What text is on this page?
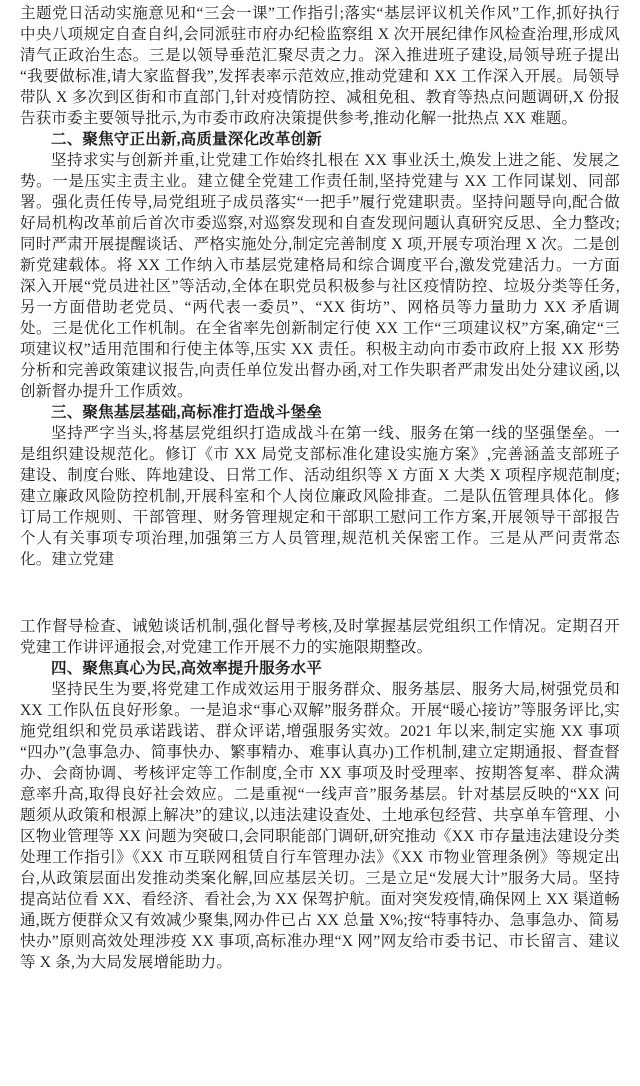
主题党日活动实施意见和“三会一课”工作指引;落实“基层评议机关作风”工作,抓好执行中央八项规定自查自纠,会同派驻市府办纪检监察组 X 次开展纪律作风检查治理,形成风清气正政治生态。三是以领导垂范汇聚尽责之力。深入推进班子建设,局领导班子提出“我要做标准,请大家监督我”,发挥表率示范效应,推动党建和 XX 工作深入开展。局领导带队 X 多次到区街和市直部门,针对疫情防控、减租免租、教育等热点问题调研,X 份报告获市委主要领导批示,为市委市政府决策提供参考,推动化解一批热点 XX 难题。

二、聚焦守正出新,高质量深化改革创新

坚持求实与创新并重,让党建工作始终扎根在 XX 事业沃土,焕发上进之能、发展之势。一是压实主责主业。建立健全党建工作责任制,坚持党建与 XX 工作同谋划、同部署。强化责任传导,局党组班子成员落实“一把手”履行党建职责。坚持问题导向,配合做好局机构改革前后首次市委巡察,对巡察发现和自查发现问题认真研究反思、全力整改;同时严肃开展提醒谈话、严格实施处分,制定完善制度 X 项,开展专项治理 X 次。二是创新党建载体。将 XX 工作纳入市基层党建格局和综合调度平台,激发党建活力。一方面深入开展“党员进社区”等活动,全体在职党员积极参与社区疫情防控、垃圾分类等任务,另一方面借助老党员、“两代表一委员”、“XX 街坊”、网格员等力量助力 XX 矛盾调处。三是优化工作机制。在全省率先创新制定行使 XX 工作“三项建议权”方案,确定“三项建议权”适用范围和行使主体等,压实 XX 责任。积极主动向市委市政府上报 XX 形势分析和完善政策建议报告,向责任单位发出督办函,对工作失职者严肃发出处分建议函,以创新督办提升工作质效。

三、聚焦基层基础,高标准打造战斗堡垒

坚持严字当头,将基层党组织打造成战斗在第一线、服务在第一线的坚强堡垒。一是组织建设规范化。修订《市 XX 局党支部标准化建设实施方案》,完善涵盖支部班子建设、制度台账、阵地建设、日常工作、活动组织等 X 方面 X 大类 X 项程序规范制度;建立廉政风险防控机制,开展科室和个人岗位廉政风险排查。二是队伍管理具体化。修订局工作规则、干部管理、财务管理规定和干部职工慰问工作方案,开展领导干部报告个人有关事项专项治理,加强第三方人员管理,规范机关保密工作。三是从严问责常态化。建立党建

工作督导检查、诫勉谈话机制,强化督导考核,及时掌握基层党组织工作情况。定期召开党建工作讲评通报会,对党建工作开展不力的实施限期整改。

四、聚焦真心为民,高效率提升服务水平

坚持民生为要,将党建工作成效运用于服务群众、服务基层、服务大局,树强党员和 XX 工作队伍良好形象。一是追求“事心双解”服务群众。开展“暖心接访”等服务评比,实施党组织和党员承诺践诺、群众评诺,增强服务实效。2021 年以来,制定实施 XX 事项“四办”(急事急办、简事快办、繁事精办、难事认真办)工作机制,建立定期通报、督查督办、会商协调、考核评定等工作制度,全市 XX 事项及时受理率、按期答复率、群众满意率升高,取得良好社会效应。二是重视“一线声音”服务基层。针对基层反映的“XX 问题须从政策和根源上解决”的建议,以违法建设查处、土地承包经营、共享单车管理、小区物业管理等 XX 问题为突破口,会同职能部门调研,研究推动《XX 市存量违法建设分类处理工作指引》《XX 市互联网租赁自行车管理办法》《XX 市物业管理条例》等规定出台,从政策层面出发推动类案化解,回应基层关切。三是立足“发展大计”服务大局。坚持提高站位看 XX、看经济、看社会,为 XX 保驾护航。面对突发疫情,确保网上 XX 渠道畅通,既方便群众又有效减少聚集,网办件已占 XX 总量 X%;按“特事特办、急事急办、简易快办”原则高效处理涉疫 XX 事项,高标准办理“X 网”网友给市委书记、市长留言、建议等 X 条,为大局发展增能助力。
